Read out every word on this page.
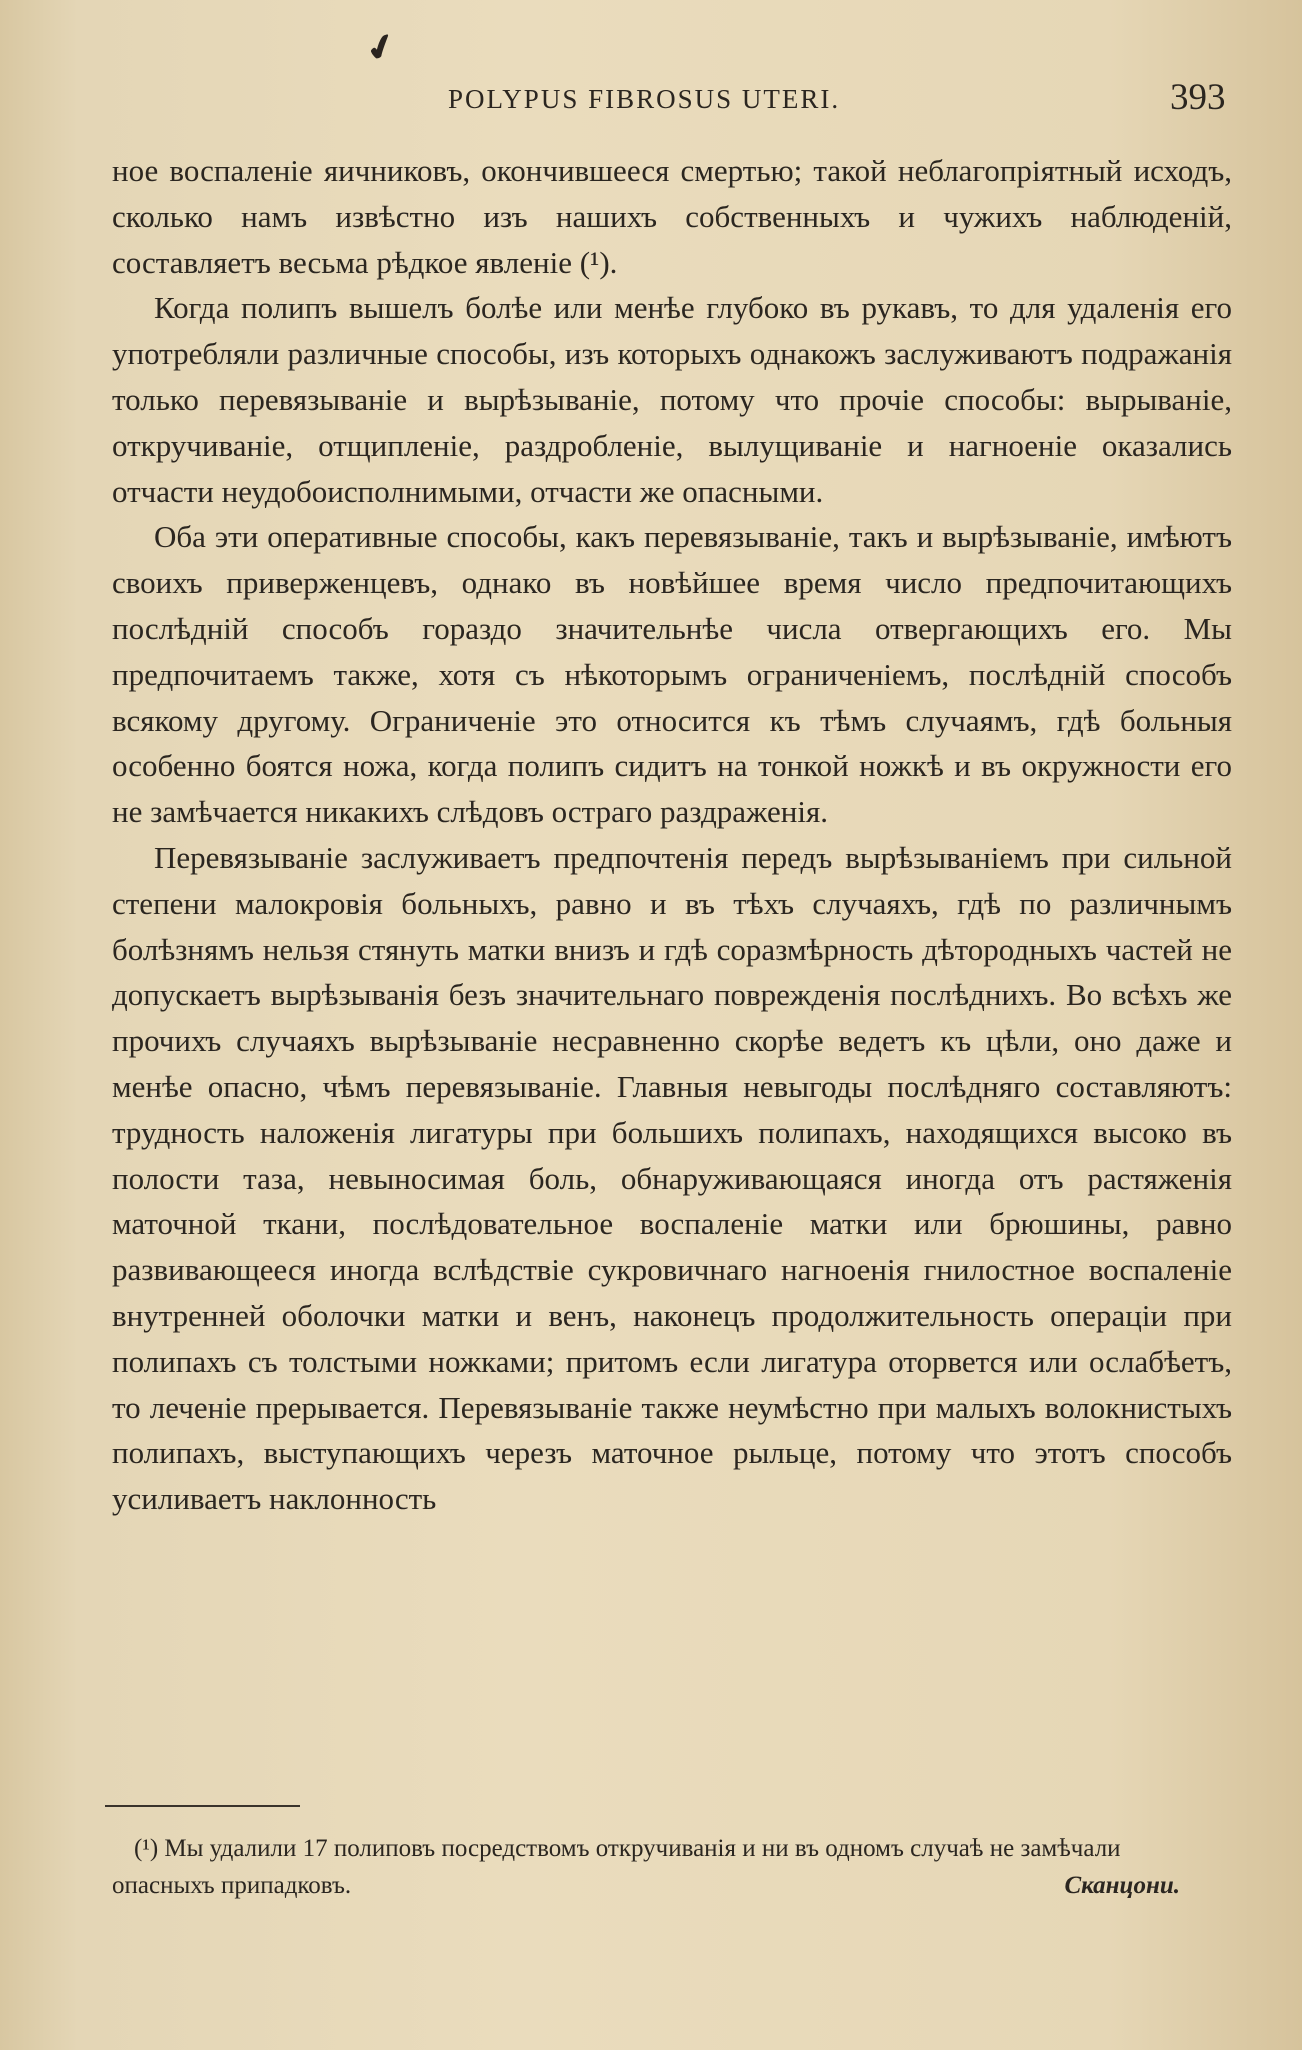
✔
POLYPUS FIBROSUS UTERI.	393

ное воспаленіе яичниковъ, окончившееся смертью; такой неблагопріятный исходъ, сколько намъ извѣстно изъ нашихъ собственныхъ и чужихъ наблюденій, составляетъ весьма рѣдкое явленіе (¹).

Когда полипъ вышелъ болѣе или менѣе глубоко въ рукавъ, то для удаленія его употребляли различные способы, изъ которыхъ однакожъ заслуживаютъ подражанія только перевязываніе и вырѣзываніе, потому что прочіе способы: вырываніе, откручиваніе, отщипленіе, раздробленіе, вылущиваніе и нагноеніе оказались отчасти неудобоисполнимыми, отчасти же опасными.

Оба эти оперативные способы, какъ перевязываніе, такъ и вырѣзываніе, имѣютъ своихъ приверженцевъ, однако въ новѣйшее время число предпочитающихъ послѣдній способъ гораздо значительнѣе числа отвергающихъ его. Мы предпочитаемъ также, хотя съ нѣкоторымъ ограниченіемъ, послѣдній способъ всякому другому. Ограниченіе это относится къ тѣмъ случаямъ, гдѣ больныя особенно боятся ножа, когда полипъ сидитъ на тонкой ножкѣ и въ окружности его не замѣчается никакихъ слѣдовъ остраго раздраженія.

Перевязываніе заслуживаетъ предпочтенія передъ вырѣзываніемъ при сильной степени малокровія больныхъ, равно и въ тѣхъ случаяхъ, гдѣ по различнымъ болѣзнямъ нельзя стянуть матки внизъ и гдѣ соразмѣрность дѣтородныхъ частей не допускаетъ вырѣзыванія безъ значительнаго поврежденія послѣднихъ. Во всѣхъ же прочихъ случаяхъ вырѣзываніе несравненно скорѣе ведетъ къ цѣли, оно даже и менѣе опасно, чѣмъ перевязываніе. Главныя невыгоды послѣдняго составляютъ: трудность наложенія лигатуры при большихъ полипахъ, находящихся высоко въ полости таза, невыносимая боль, обнаруживающаяся иногда отъ растяженія маточной ткани, послѣдовательное воспаленіе матки или брюшины, равно развивающееся иногда вслѣдствіе сукровичнаго нагноенія гнилостное воспаленіе внутренней оболочки матки и венъ, наконецъ продолжительность операціи при полипахъ съ толстыми ножками; притомъ если лигатура оторвется или ослабѣетъ, то леченіе прерывается. Перевязываніе также неумѣстно при малыхъ волокнистыхъ полипахъ, выступающихъ черезъ маточное рыльце, потому что этотъ способъ усиливаетъ наклонность

(¹) Мы удалили 17 полиповъ посредствомъ откручиванія и ни въ одномъ случаѣ не замѣчали опасныхъ припадковъ.	Сканцони.
